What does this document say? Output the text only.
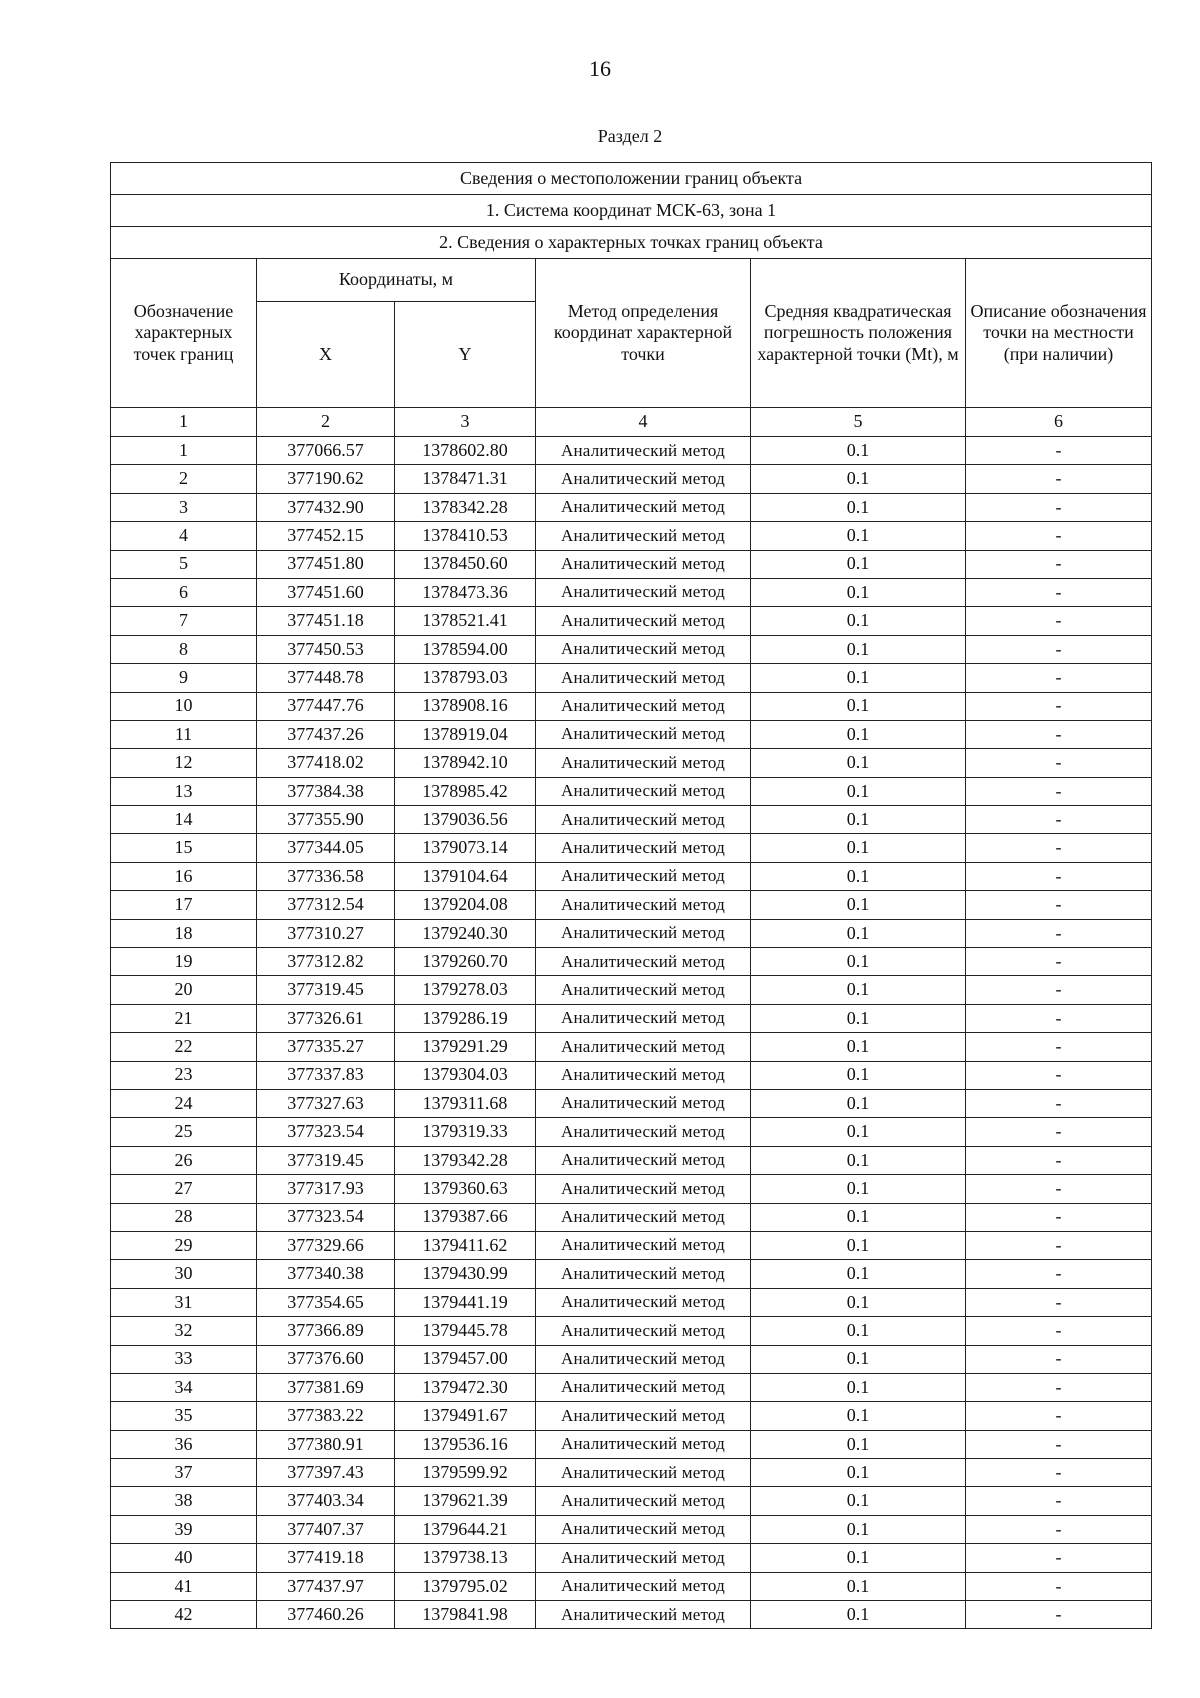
16
Раздел 2
Сведения о местоположении границ объекта					
1. Система координат МСК-63, зона 1					
2. Сведения о характерных точках границ объекта					
Обозначение характерных точек границ	Координаты, м		Метод определения координат характерной точки	Средняя квадратическая погрешность положения характерной точки (Mt), м	Описание обозначения точки на местности (при наличии)
	X	Y			
1	2	3	4	5	6
1	377066.57	1378602.80	Аналитический метод	0.1	-
2	377190.62	1378471.31	Аналитический метод	0.1	-
3	377432.90	1378342.28	Аналитический метод	0.1	-
4	377452.15	1378410.53	Аналитический метод	0.1	-
5	377451.80	1378450.60	Аналитический метод	0.1	-
6	377451.60	1378473.36	Аналитический метод	0.1	-
7	377451.18	1378521.41	Аналитический метод	0.1	-
8	377450.53	1378594.00	Аналитический метод	0.1	-
9	377448.78	1378793.03	Аналитический метод	0.1	-
10	377447.76	1378908.16	Аналитический метод	0.1	-
11	377437.26	1378919.04	Аналитический метод	0.1	-
12	377418.02	1378942.10	Аналитический метод	0.1	-
13	377384.38	1378985.42	Аналитический метод	0.1	-
14	377355.90	1379036.56	Аналитический метод	0.1	-
15	377344.05	1379073.14	Аналитический метод	0.1	-
16	377336.58	1379104.64	Аналитический метод	0.1	-
17	377312.54	1379204.08	Аналитический метод	0.1	-
18	377310.27	1379240.30	Аналитический метод	0.1	-
19	377312.82	1379260.70	Аналитический метод	0.1	-
20	377319.45	1379278.03	Аналитический метод	0.1	-
21	377326.61	1379286.19	Аналитический метод	0.1	-
22	377335.27	1379291.29	Аналитический метод	0.1	-
23	377337.83	1379304.03	Аналитический метод	0.1	-
24	377327.63	1379311.68	Аналитический метод	0.1	-
25	377323.54	1379319.33	Аналитический метод	0.1	-
26	377319.45	1379342.28	Аналитический метод	0.1	-
27	377317.93	1379360.63	Аналитический метод	0.1	-
28	377323.54	1379387.66	Аналитический метод	0.1	-
29	377329.66	1379411.62	Аналитический метод	0.1	-
30	377340.38	1379430.99	Аналитический метод	0.1	-
31	377354.65	1379441.19	Аналитический метод	0.1	-
32	377366.89	1379445.78	Аналитический метод	0.1	-
33	377376.60	1379457.00	Аналитический метод	0.1	-
34	377381.69	1379472.30	Аналитический метод	0.1	-
35	377383.22	1379491.67	Аналитический метод	0.1	-
36	377380.91	1379536.16	Аналитический метод	0.1	-
37	377397.43	1379599.92	Аналитический метод	0.1	-
38	377403.34	1379621.39	Аналитический метод	0.1	-
39	377407.37	1379644.21	Аналитический метод	0.1	-
40	377419.18	1379738.13	Аналитический метод	0.1	-
41	377437.97	1379795.02	Аналитический метод	0.1	-
42	377460.26	1379841.98	Аналитический метод	0.1	-
